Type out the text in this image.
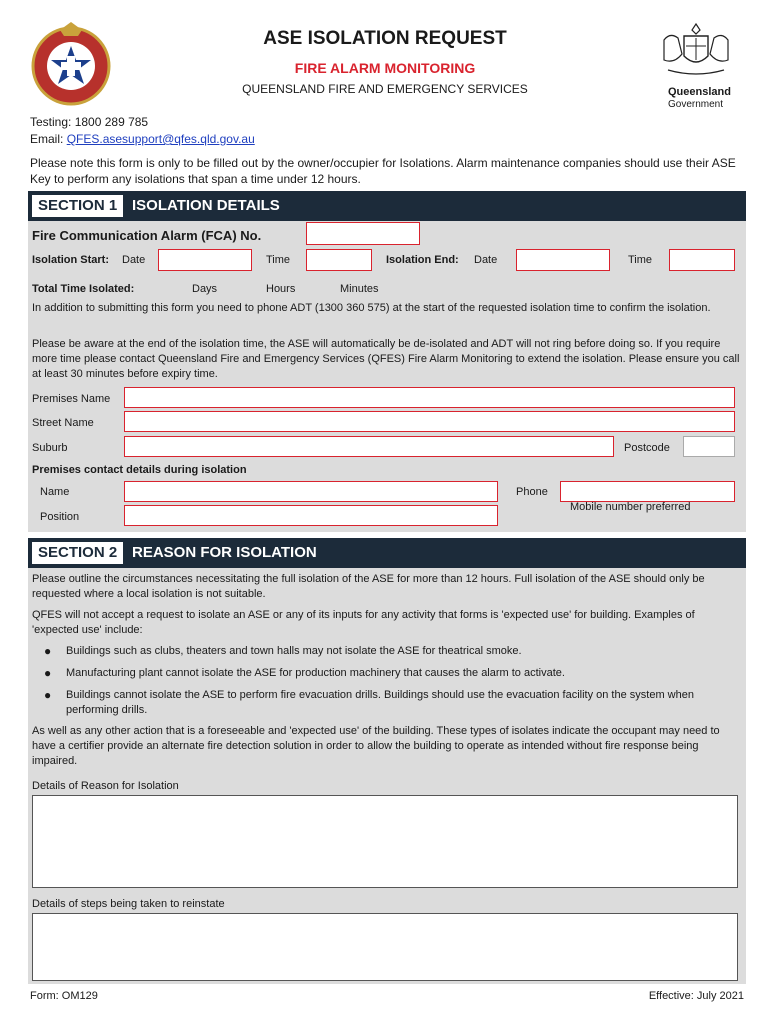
ASE ISOLATION REQUEST
FIRE ALARM MONITORING
QUEENSLAND FIRE AND EMERGENCY SERVICES	Queensland
Government
Testing: 1800 289 785
Email: QFES.asesupport@qfes.qld.gov.au
Please note this form is only to be filled out by the owner/occupier for Isolations. Alarm maintenance companies should use their ASE Key to perform any isolations that span a time under 12 hours.
SECTION 1 ISOLATION DETAILS
Fire Communication Alarm (FCA) No.
Isolation Start: Date	Time	Isolation End: Date	Time
Total Time Isolated:	Days	Hours	Minutes
In addition to submitting this form you need to phone ADT (1300 360 575) at the start of the requested isolation time to confirm the isolation.
Please be aware at the end of the isolation time, the ASE will automatically be de-isolated and ADT will not ring before doing so. If you require more time please contact Queensland Fire and Emergency Services (QFES) Fire Alarm Monitoring to extend the isolation. Please ensure you call at least 30 minutes before expiry time.
Premises Name
Street Name
Suburb	Postcode
Premises contact details during isolation
Name	Phone
Mobile number preferred
Position
SECTION 2 REASON FOR ISOLATION
Please outline the circumstances necessitating the full isolation of the ASE for more than 12 hours. Full isolation of the ASE should only be requested where a local isolation is not suitable.
QFES will not accept a request to isolate an ASE or any of its inputs for any activity that forms is 'expected use' for building. Examples of 'expected use' include:
● Buildings such as clubs, theaters and town halls may not isolate the ASE for theatrical smoke.
● Manufacturing plant cannot isolate the ASE for production machinery that causes the alarm to activate.
● Buildings cannot isolate the ASE to perform fire evacuation drills. Buildings should use the evacuation facility on the system when performing drills.
As well as any other action that is a foreseeable and 'expected use' of the building. These types of isolates indicate the occupant may need to have a certifier provide an alternate fire detection solution in order to allow the building to operate as intended without fire response being impaired.
Details of Reason for Isolation
Details of steps being taken to reinstate
Form: OM129	Effective: July 2021
